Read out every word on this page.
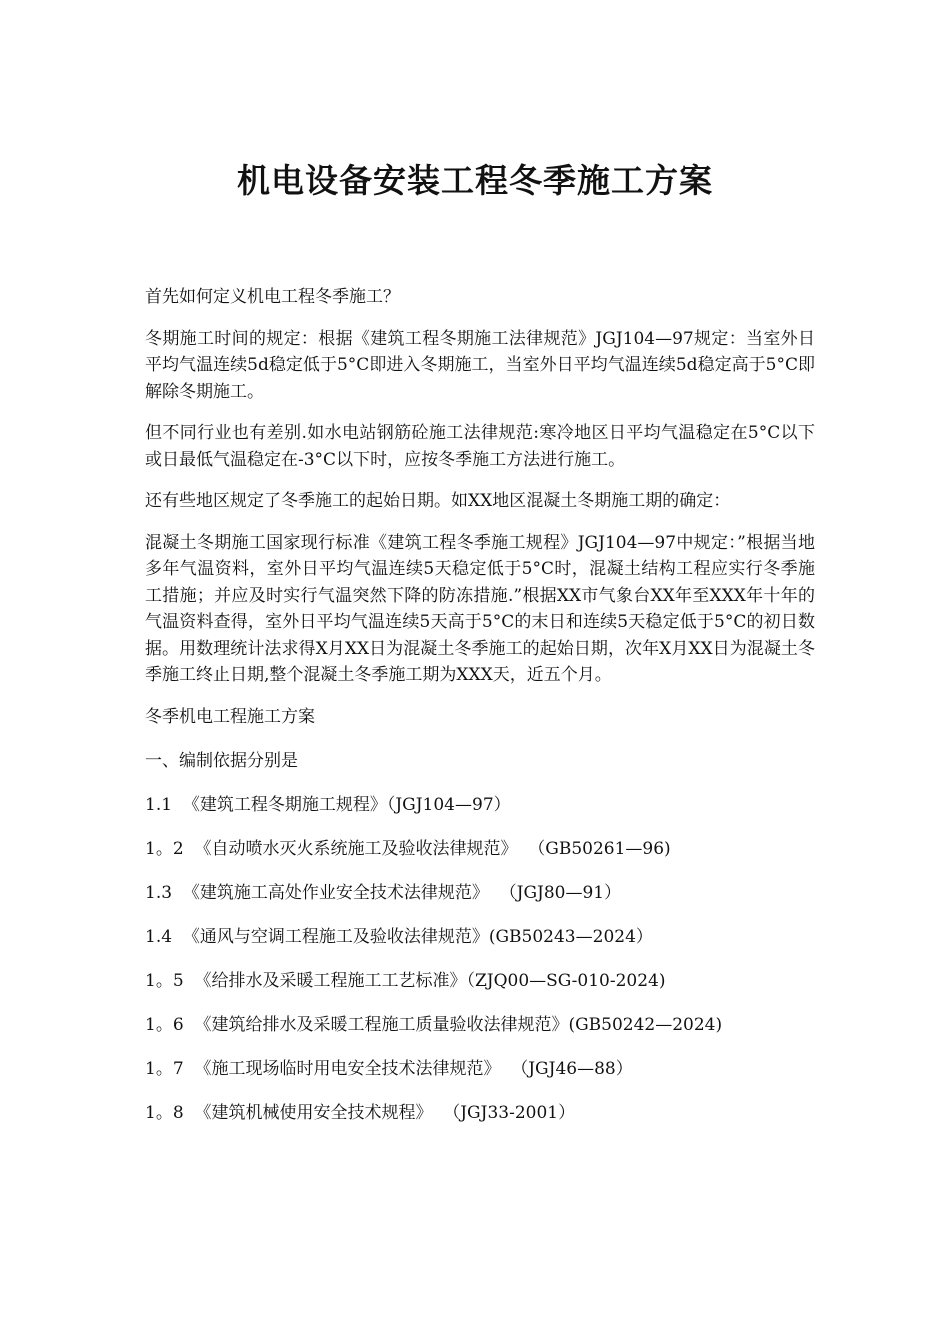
机电设备安装工程冬季施工方案

首先如何定义机电工程冬季施工？

冬期施工时间的规定：根据《建筑工程冬期施工法律规范》JGJ104—97规定：当室外日平均气温连续5d稳定低于5°C即进入冬期施工，当室外日平均气温连续5d稳定高于5°C即解除冬期施工。

但不同行业也有差别.如水电站钢筋砼施工法律规范:寒冷地区日平均气温稳定在5°C以下或日最低气温稳定在-3°C以下时，应按冬季施工方法进行施工。

还有些地区规定了冬季施工的起始日期。如XX地区混凝土冬期施工期的确定：

混凝土冬期施工国家现行标准《建筑工程冬季施工规程》JGJ104—97中规定：”根据当地多年气温资料，室外日平均气温连续5天稳定低于5°C时，混凝土结构工程应实行冬季施工措施；并应及时实行气温突然下降的防冻措施.”根据XX市气象台XX年至XXX年十年的气温资料查得，室外日平均气温连续5天高于5°C的末日和连续5天稳定低于5°C的初日数据。用数理统计法求得X月XX日为混凝土冬季施工的起始日期，次年X月XX日为混凝土冬季施工终止日期,整个混凝土冬季施工期为XXX天，近五个月。

冬季机电工程施工方案

一、编制依据分别是

1.1  《建筑工程冬期施工规程》（JGJ104—97）

1。2  《自动喷水灭火系统施工及验收法律规范》  （GB50261—96)

1.3  《建筑施工高处作业安全技术法律规范》  （JGJ80—91）

1.4  《通风与空调工程施工及验收法律规范》(GB50243—2024）

1。5  《给排水及采暖工程施工工艺标准》（ZJQ00—SG-010-2024)

1。6  《建筑给排水及采暖工程施工质量验收法律规范》(GB50242—2024)

1。7  《施工现场临时用电安全技术法律规范》  （JGJ46—88）

1。8  《建筑机械使用安全技术规程》  （JGJ33-2001）
